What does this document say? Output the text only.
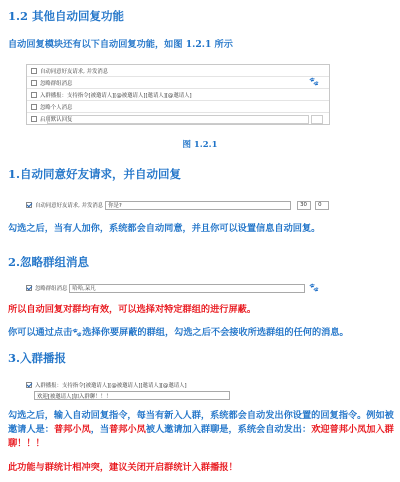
1.2 其他自动回复功能
自动回复模块还有以下自动回复功能，如图 1.2.1 所示
自动同意好友请求, 并发消息
忽略群组消息	🐾
入群播报：支持指令[被邀请人][@被邀请人][邀请人][@邀请人]
忽略个人消息
启用默认回复
图 1.2.1
1.自动同意好友请求，并自动回复
自动同意好友请求, 并发消息 你是?	30	0
勾选之后，当有人加你，系统都会自动同意，并且你可以设置信息自动回复。
2.忽略群组消息
忽略群组消息 哈哈,呆凡	🐾
所以自动回复对群均有效，可以选择对特定群组的进行屏蔽。
你可以通过点击🐾选择你要屏蔽的群组，勾选之后不会接收所选群组的任何的消息。
3.入群播报
入群播报：支持指令[被邀请人][@被邀请人][邀请人][@邀请人]
欢迎[被邀请人]加入群聊！！！
勾选之后，输入自动回复指令，每当有新入人群，系统都会自动发出你设置的回复指令。例如被邀请人是：普邦小凤，当普邦小凤被人邀请加入群聊是，系统会自动发出：欢迎普邦小凤加入群聊！！！
此功能与群统计相冲突，建议关闭开启群统计入群播报！
